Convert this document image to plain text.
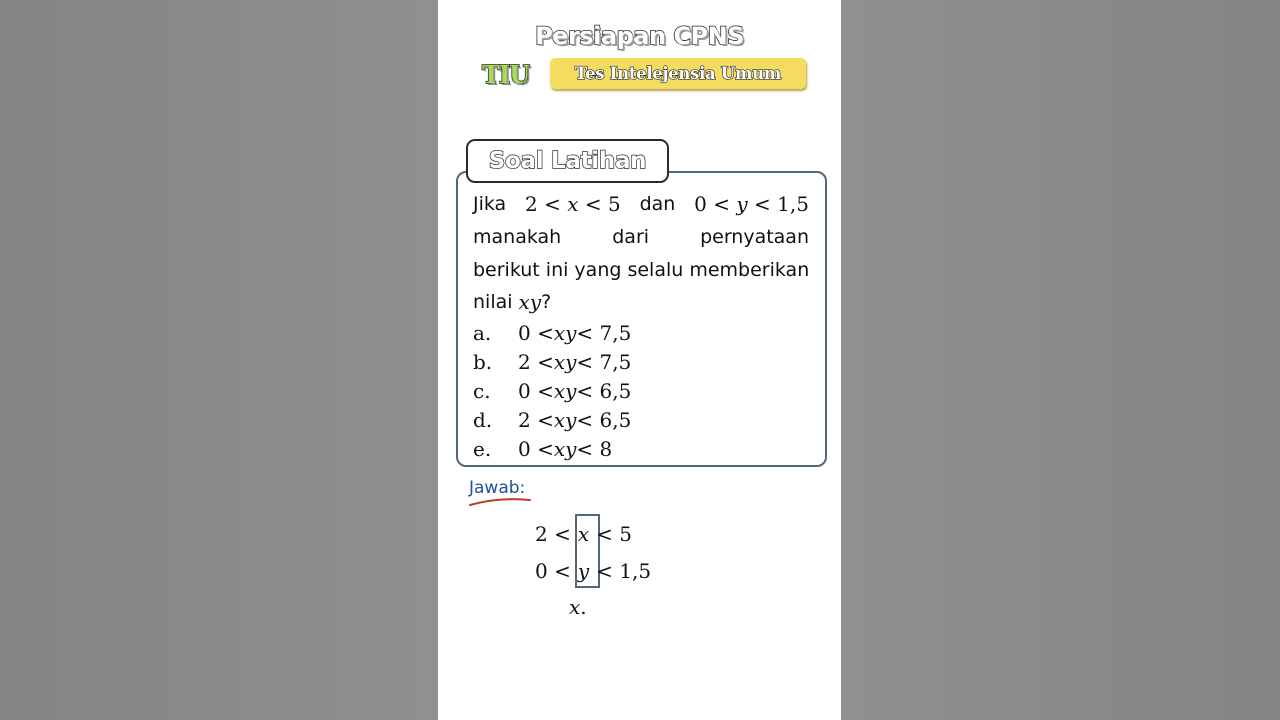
Persiapan CPNS
TIU	Tes Intelejensia Umum
Soal Latihan
Jika 2 < x < 5 dan 0 < y < 1,5
manakah	dari	pernyataan
berikut ini yang selalu memberikan
nilai xy ?
a.	0 < xy < 7,5
b.	2 < xy < 7,5
c.	0 < xy < 6,5
d.	2 < xy < 6,5
e.	0 < xy < 8
Jawab:
2 < x < 5
0 < y < 1,5
x .
